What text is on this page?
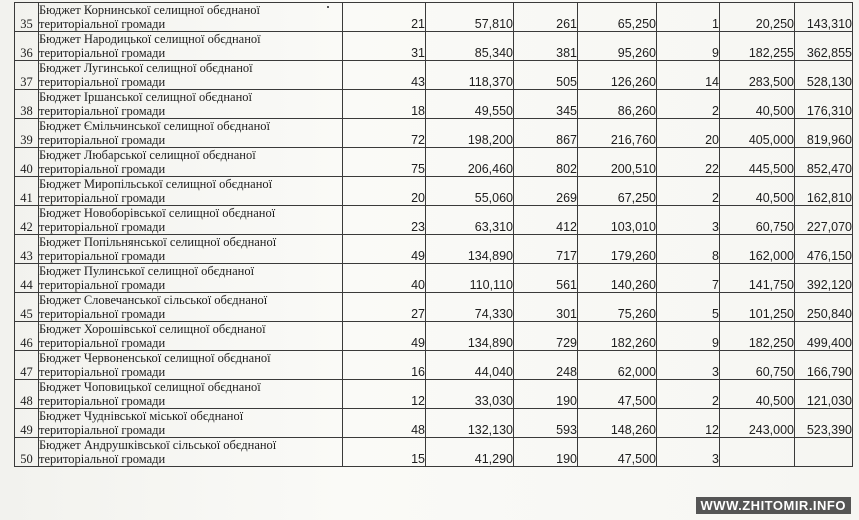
35	Бюджет Корнинської селищної обєднаної
територіальної громади	21	57,810	261	65,250	1	20,250	143,310
36	Бюджет Народицької селищної обєднаної
територіальної громади	31	85,340	381	95,260	9	182,255	362,855
37	Бюджет Лугинської селищної обєднаної
територіальної громади	43	118,370	505	126,260	14	283,500	528,130
38	Бюджет Іршанської селищної обєднаної
територіальної громади	18	49,550	345	86,260	2	40,500	176,310
39	Бюджет Ємільчинської селищної обєднаної
територіальної громади	72	198,200	867	216,760	20	405,000	819,960
40	Бюджет Любарської селищної обєднаної
територіальної громади	75	206,460	802	200,510	22	445,500	852,470
41	Бюджет Миропільської селищної обєднаної
територіальної громади	20	55,060	269	67,250	2	40,500	162,810
42	Бюджет Новоборівської селищної обєднаної
територіальної громади	23	63,310	412	103,010	3	60,750	227,070
43	Бюджет Попільнянської селищної обєднаної
територіальної громади	49	134,890	717	179,260	8	162,000	476,150
44	Бюджет Пулинської селищної обєднаної
територіальної громади	40	110,110	561	140,260	7	141,750	392,120
45	Бюджет Словечанської сільської обєднаної
територіальної громади	27	74,330	301	75,260	5	101,250	250,840
46	Бюджет Хорошівської селищної обєднаної
територіальної громади	49	134,890	729	182,260	9	182,250	499,400
47	Бюджет Червоненської селищної обєднаної
територіальної громади	16	44,040	248	62,000	3	60,750	166,790
48	Бюджет Чоповицької селищної обєднаної
територіальної громади	12	33,030	190	47,500	2	40,500	121,030
49	Бюджет Чуднівської міської обєднаної
територіальної громади	48	132,130	593	148,260	12	243,000	523,390
50	Бюджет Андрушківської сільської обєднаної
територіальної громади	15	41,290	190	47,500	3		
WWW.ZHITOMIR.INFO
